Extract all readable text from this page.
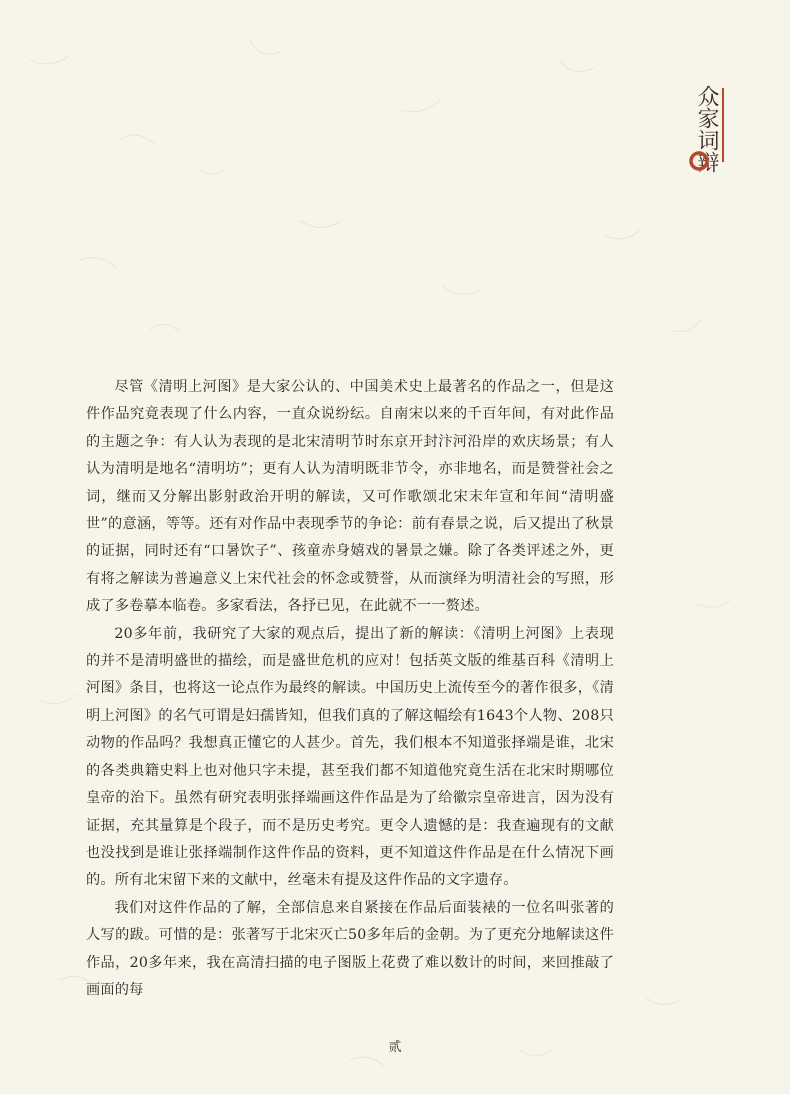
众家词辩

尽管《清明上河图》是大家公认的、中国美术史上最著名的作品之一，但是这件作品究竟表现了什么内容，一直众说纷纭。自南宋以来的千百年间，有对此作品的主题之争：有人认为表现的是北宋清明节时东京开封汴河沿岸的欢庆场景；有人认为清明是地名“清明坊”；更有人认为清明既非节令，亦非地名，而是赞誉社会之词，继而又分解出影射政治开明的解读，又可作歌颂北宋末年宣和年间“清明盛世”的意涵，等等。还有对作品中表现季节的争论：前有春景之说，后又提出了秋景的证据，同时还有“口暑饮子”、孩童赤身嬉戏的暑景之嫌。除了各类评述之外，更有将之解读为普遍意义上宋代社会的怀念或赞誉，从而演绎为明清社会的写照，形成了多卷摹本临卷。多家看法，各抒已见，在此就不一一赘述。

20多年前，我研究了大家的观点后，提出了新的解读：《清明上河图》上表现的并不是清明盛世的描绘，而是盛世危机的应对！包括英文版的维基百科《清明上河图》条目，也将这一论点作为最终的解读。中国历史上流传至今的著作很多，《清明上河图》的名气可谓是妇孺皆知，但我们真的了解这幅绘有1643个人物、208只动物的作品吗？我想真正懂它的人甚少。首先，我们根本不知道张择端是谁，北宋的各类典籍史料上也对他只字未提，甚至我们都不知道他究竟生活在北宋时期哪位皇帝的治下。虽然有研究表明张择端画这件作品是为了给徽宗皇帝进言，因为没有证据，充其量算是个段子，而不是历史考究。更令人遗憾的是：我查遍现有的文献也没找到是谁让张择端制作这件作品的资料，更不知道这件作品是在什么情况下画的。所有北宋留下来的文献中，丝毫未有提及这件作品的文字遗存。

我们对这件作品的了解，全部信息来自紧接在作品后面装裱的一位名叫张著的人写的跋。可惜的是：张著写于北宋灭亡50多年后的金朝。为了更充分地解读这件作品，20多年来，我在高清扫描的电子图版上花费了难以数计的时间，来回推敲了画面的每

贰
